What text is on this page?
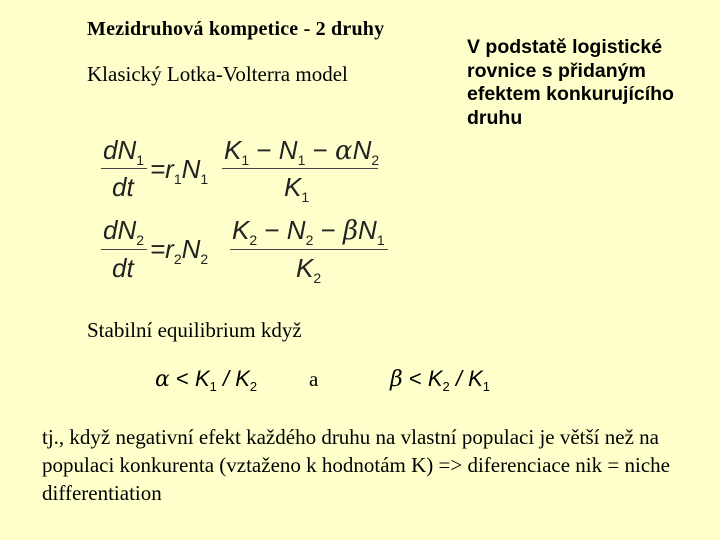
Mezidruhová kompetice - 2 druhy
Klasický Lotka-Volterra model
V podstatě logistické rovnice s přidaným efektem konkurujícího druhu
$dN_1$
dt
$=r_1N_1$
$K_1 - N_1 - \alpha N_2$
$K_1$
$dN_2$
dt
$=r_2N_2$
$K_2 - N_2 - \beta N_1$
$K_2$
Stabilní equilibrium když
$\alpha < K_1 / K_2$ a	$\beta < K_2 / K_1$
tj., když negativní efekt každého druhu na vlastní populaci je větší než na populaci konkurenta (vztaženo k hodnotám K) => diferenciace nik = niche differentiation
